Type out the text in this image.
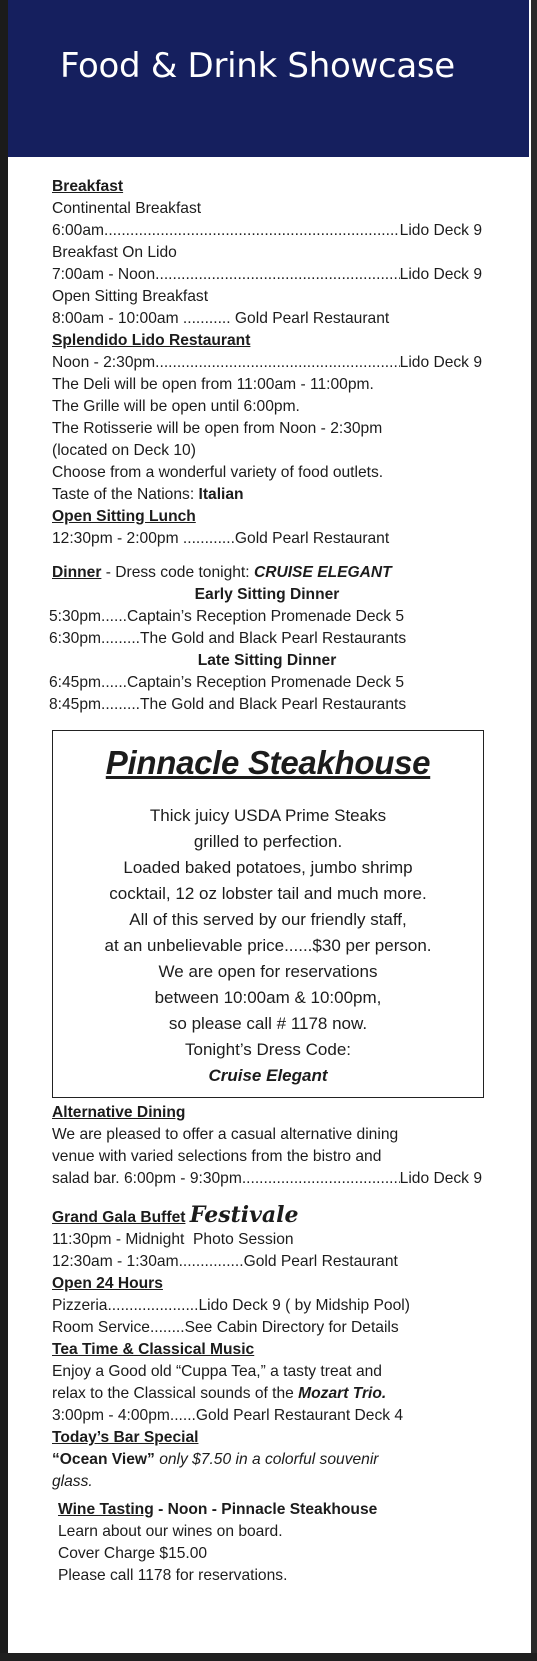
Food & Drink Showcase
Breakfast
Continental Breakfast
6:00am .....	Lido Deck 9
Breakfast On Lido
7:00am - Noon .....	Lido Deck 9
Open Sitting Breakfast
8:00am - 10:00am
...........
Gold Pearl Restaurant
Splendido Lido Restaurant
Noon - 2:30pm .....	Lido Deck 9
The Deli will be open from 11:00am - 11:00pm.
The Grille will be open until 6:00pm.
The Rotisserie will be open from Noon - 2:30pm
(located on Deck 10)
Choose from a wonderful variety of food outlets.
Taste of the Nations: Italian
Open Sitting Lunch
12:30pm - 2:00pm
............ Gold Pearl Restaurant
Dinner - Dress code tonight: CRUISE ELEGANT
Early Sitting Dinner
5:30pm......Captain’s Reception Promenade Deck 5
6:30pm.........The Gold and Black Pearl Restaurants
Late Sitting Dinner
6:45pm......Captain’s Reception Promenade Deck 5
8:45pm.........The Gold and Black Pearl Restaurants
Pinnacle Steakhouse
Thick juicy USDA Prime Steaks
grilled to perfection.
Loaded baked potatoes, jumbo shrimp
cocktail, 12 oz lobster tail and much more.
All of this served by our friendly staff,
at an unbelievable price......$30 per person.
We are open for reservations
between 10:00am & 10:00pm,
so please call # 1178 now.
Tonight’s Dress Code:
Cruise Elegant
Alternative Dining
We are pleased to offer a casual alternative dining
venue with varied selections from the bistro and
salad bar. 6:00pm - 9:30pm .....	Lido Deck 9
Grand Gala Buffet Festivale
11:30pm - Midnight Photo Session
12:30am - 1:30am...............Gold Pearl Restaurant
Open 24 Hours
Pizzeria.....................Lido Deck 9 ( by Midship Pool)
Room Service........See Cabin Directory for Details
Tea Time & Classical Music
Enjoy a Good old “Cuppa Tea,” a tasty treat and
relax to the Classical sounds of the Mozart Trio.
3:00pm - 4:00pm......Gold Pearl Restaurant Deck 4
Today’s Bar Special
“Ocean View” only $7.50 in a colorful souvenir
glass.
Wine Tasting - Noon - Pinnacle Steakhouse
Learn about our wines on board.
Cover Charge $15.00
Please call 1178 for reservations.
